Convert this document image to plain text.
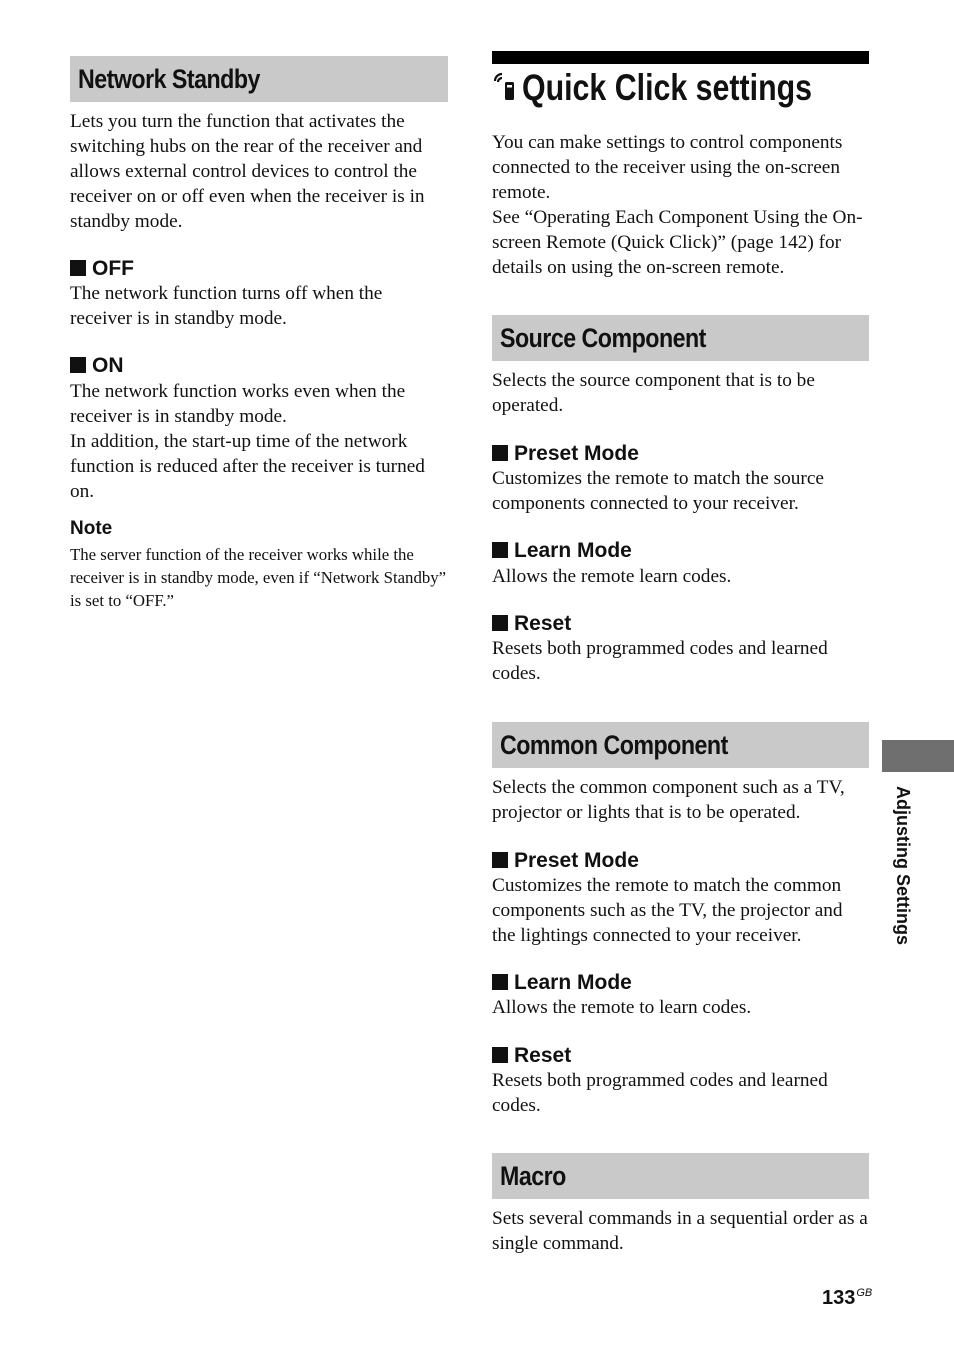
Network Standby
Lets you turn the function that activates the switching hubs on the rear of the receiver and allows external control devices to control the receiver on or off even when the receiver is in standby mode.
OFF
The network function turns off when the receiver is in standby mode.
ON
The network function works even when the receiver is in standby mode.
In addition, the start-up time of the network function is reduced after the receiver is turned on.
Note
The server function of the receiver works while the receiver is in standby mode, even if “Network Standby” is set to “OFF.”
Quick Click settings
You can make settings to control components connected to the receiver using the on-screen remote.
See “Operating Each Component Using the On-screen Remote (Quick Click)” (page 142) for details on using the on-screen remote.
Source Component
Selects the source component that is to be operated.
Preset Mode
Customizes the remote to match the source components connected to your receiver.
Learn Mode
Allows the remote learn codes.
Reset
Resets both programmed codes and learned codes.
Common Component
Selects the common component such as a TV, projector or lights that is to be operated.
Preset Mode
Customizes the remote to match the common components such as the TV, the projector and the lightings connected to your receiver.
Learn Mode
Allows the remote to learn codes.
Reset
Resets both programmed codes and learned codes.
Macro
Sets several commands in a sequential order as a single command.
Adjusting Settings
$133^{GB}$
